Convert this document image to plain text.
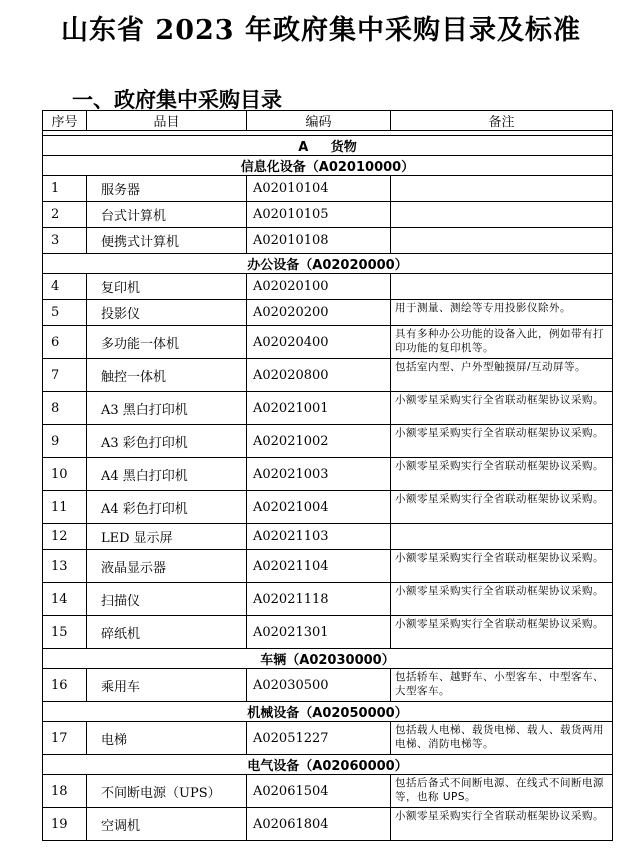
山东省 2023 年政府集中采购目录及标准
一、政府集中采购目录
序号	品目	编码	备注

A 货物			
信息化设备（A02010000）			
1	服务器	A02010104	
2	台式计算机	A02010105	
3	便携式计算机	A02010108	
办公设备（A02020000）			
4	复印机	A02020100	
5	投影仪	A02020200	用于测量、测绘等专用投影仪除外。
6	多功能一体机	A02020400	具有多种办公功能的设备入此，例如带有打印功能的复印机等。
7	触控一体机	A02020800	包括室内型、户外型触摸屏/互动屏等。
8	A3 黑白打印机	A02021001	小额零星采购实行全省联动框架协议采购。
9	A3 彩色打印机	A02021002	小额零星采购实行全省联动框架协议采购。
10	A4 黑白打印机	A02021003	小额零星采购实行全省联动框架协议采购。
11	A4 彩色打印机	A02021004	小额零星采购实行全省联动框架协议采购。
12	LED 显示屏	A02021103	
13	液晶显示器	A02021104	小额零星采购实行全省联动框架协议采购。
14	扫描仪	A02021118	小额零星采购实行全省联动框架协议采购。
15	碎纸机	A02021301	小额零星采购实行全省联动框架协议采购。
车辆（A02030000）			
16	乘用车	A02030500	包括轿车、越野车、小型客车、中型客车、大型客车。
机械设备（A02050000）			
17	电梯	A02051227	包括载人电梯、载货电梯、载人、载货两用电梯、消防电梯等。
电气设备（A02060000）			
18	不间断电源（UPS）	A02061504	包括后备式不间断电源、在线式不间断电源等，也称 UPS。
19	空调机	A02061804	小额零星采购实行全省联动框架协议采购。
